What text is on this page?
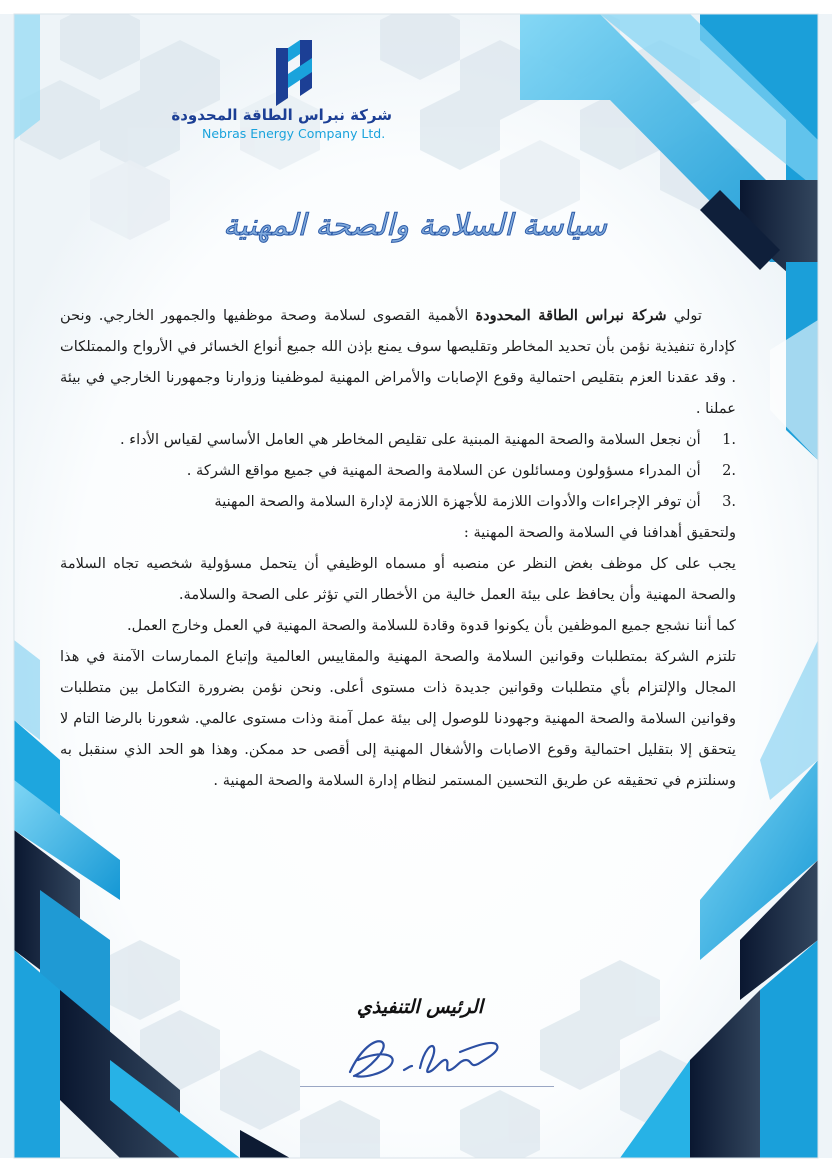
شركة نبراس الطاقة المحدودة
Nebras Energy Company Ltd.
سياسة السلامة والصحة المهنية

تولي شركة نبراس الطاقة المحدودة الأهمية القصوى لسلامة وصحة موظفيها والجمهور الخارجي. ونحن كإدارة تنفيذية نؤمن بأن تحديد المخاطر وتقليصها سوف يمنع بإذن الله جميع أنواع الخسائر في الأرواح والممتلكات . وقد عقدنا العزم بتقليص احتمالية وقوع الإصابات والأمراض المهنية لموظفينا وزوارنا وجمهورنا الخارجي في بيئة عملنا .

1.  أن نجعل السلامة والصحة المهنية المبنية على تقليص المخاطر هي العامل الأساسي لقياس الأداء .
2.  أن المدراء مسؤولون ومسائلون عن السلامة والصحة المهنية في جميع مواقع الشركة .
3.  أن توفر الإجراءات والأدوات اللازمة للأجهزة اللازمة لإدارة السلامة والصحة المهنية

ولتحقيق أهدافنا في السلامة والصحة المهنية :

يجب على كل موظف بغض النظر عن منصبه أو مسماه الوظيفي أن يتحمل مسؤولية شخصيه تجاه السلامة والصحة المهنية وأن يحافظ على بيئة العمل خالية من الأخطار التي تؤثر على الصحة والسلامة.

كما أننا نشجع جميع الموظفين بأن يكونوا قدوة وقادة للسلامة والصحة المهنية في العمل وخارج العمل.

تلتزم الشركة بمتطلبات وقوانين السلامة والصحة المهنية والمقاييس العالمية وإتباع الممارسات الآمنة في هذا المجال والإلتزام بأي متطلبات وقوانين جديدة ذات مستوى أعلى. ونحن نؤمن بضرورة التكامل بين متطلبات وقوانين السلامة والصحة المهنية وجهودنا للوصول إلى بيئة عمل آمنة وذات مستوى عالمي. شعورنا بالرضا التام لا يتحقق إلا بتقليل احتمالية وقوع الاصابات والأشغال المهنية إلى أقصى حد ممكن. وهذا هو الحد الذي سنقبل به وسنلتزم في تحقيقه عن طريق التحسين المستمر لنظام إدارة السلامة والصحة المهنية .

الرئيس التنفيذي
